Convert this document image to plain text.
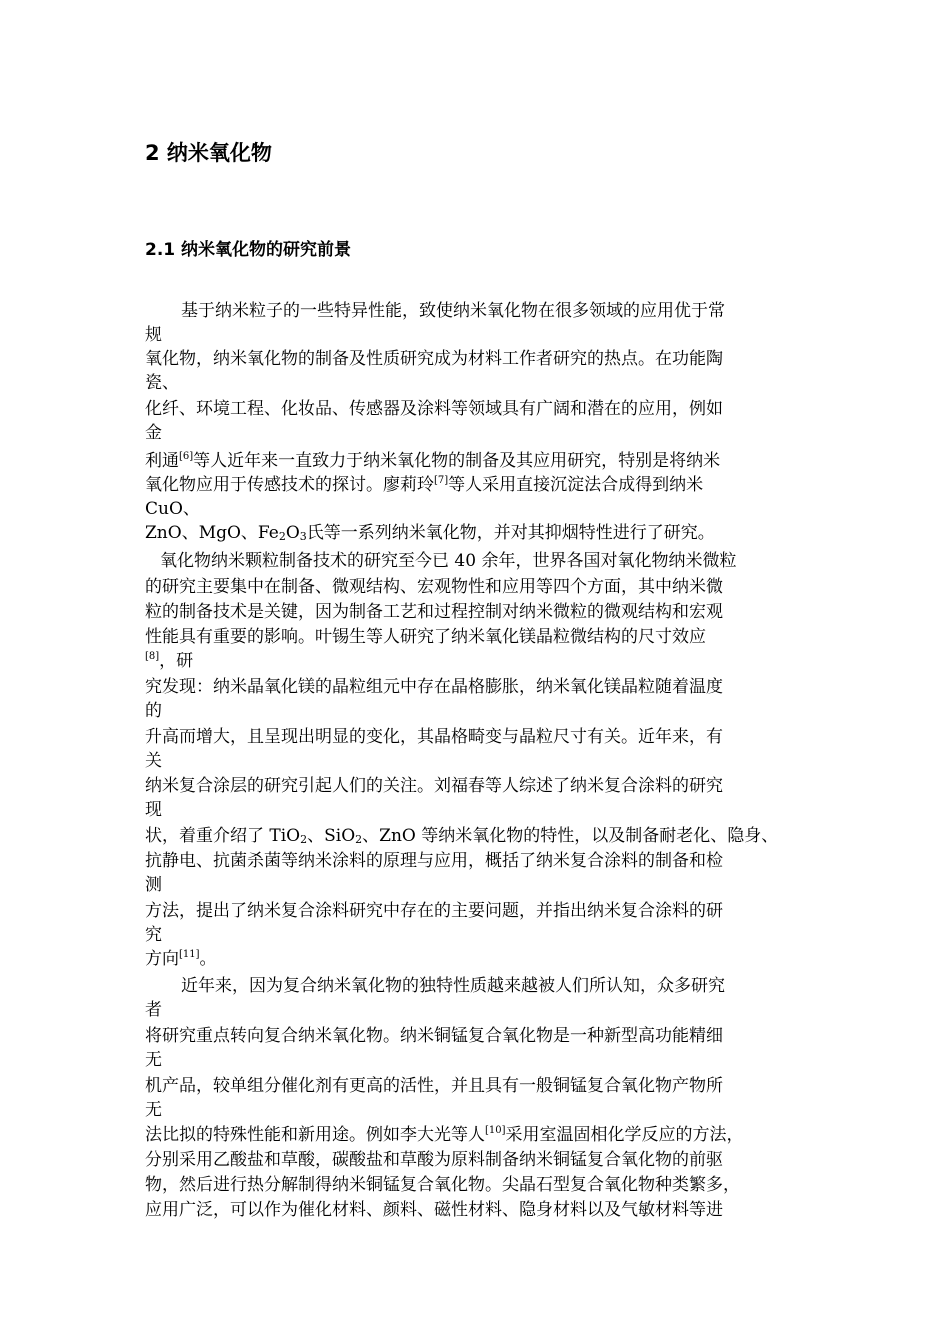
2 纳米氧化物
2.1 纳米氧化物的研究前景
基于纳米粒子的一些特异性能，致使纳米氧化物在很多领域的应用优于常
规
氧化物，纳米氧化物的制备及性质研究成为材料工作者研究的热点。在功能陶
瓷、
化纤、环境工程、化妆品、传感器及涂料等领域具有广阔和潜在的应用，例如
金
利通[6]等人近年来一直致力于纳米氧化物的制备及其应用研究，特别是将纳米
氧化物应用于传感技术的探讨。廖莉玲[7]等人采用直接沉淀法合成得到纳米
CuO、
ZnO、MgO、$Fe_2O_3$氏等一系列纳米氧化物，并对其抑烟特性进行了研究。
氧化物纳米颗粒制备技术的研究至今已 40 余年，世界各国对氧化物纳米微粒
的研究主要集中在制备、微观结构、宏观物性和应用等四个方面，其中纳米微
粒的制备技术是关键，因为制备工艺和过程控制对纳米微粒的微观结构和宏观
性能具有重要的影响。叶锡生等人研究了纳米氧化镁晶粒微结构的尺寸效应
[8]，研
究发现：纳米晶氧化镁的晶粒组元中存在晶格膨胀，纳米氧化镁晶粒随着温度
的
升高而增大，且呈现出明显的变化，其晶格畸变与晶粒尺寸有关。近年来，有
关
纳米复合涂层的研究引起人们的关注。刘福春等人综述了纳米复合涂料的研究
现
状，着重介绍了 TiO$_2$、SiO$_2$、ZnO 等纳米氧化物的特性，以及制备耐老化、隐身、
抗静电、抗菌杀菌等纳米涂料的原理与应用，概括了纳米复合涂料的制备和检
测
方法，提出了纳米复合涂料研究中存在的主要问题，并指出纳米复合涂料的研
究
方向[11]。
近年来，因为复合纳米氧化物的独特性质越来越被人们所认知，众多研究
者
将研究重点转向复合纳米氧化物。纳米铜锰复合氧化物是一种新型高功能精细
无
机产品，较单组分催化剂有更高的活性，并且具有一般铜锰复合氧化物产物所
无
法比拟的特殊性能和新用途。例如李大光等人[10]采用室温固相化学反应的方法，
分别采用乙酸盐和草酸，碳酸盐和草酸为原料制备纳米铜锰复合氧化物的前驱
物，然后进行热分解制得纳米铜锰复合氧化物。尖晶石型复合氧化物种类繁多，
应用广泛，可以作为催化材料、颜料、磁性材料、隐身材料以及气敏材料等进
